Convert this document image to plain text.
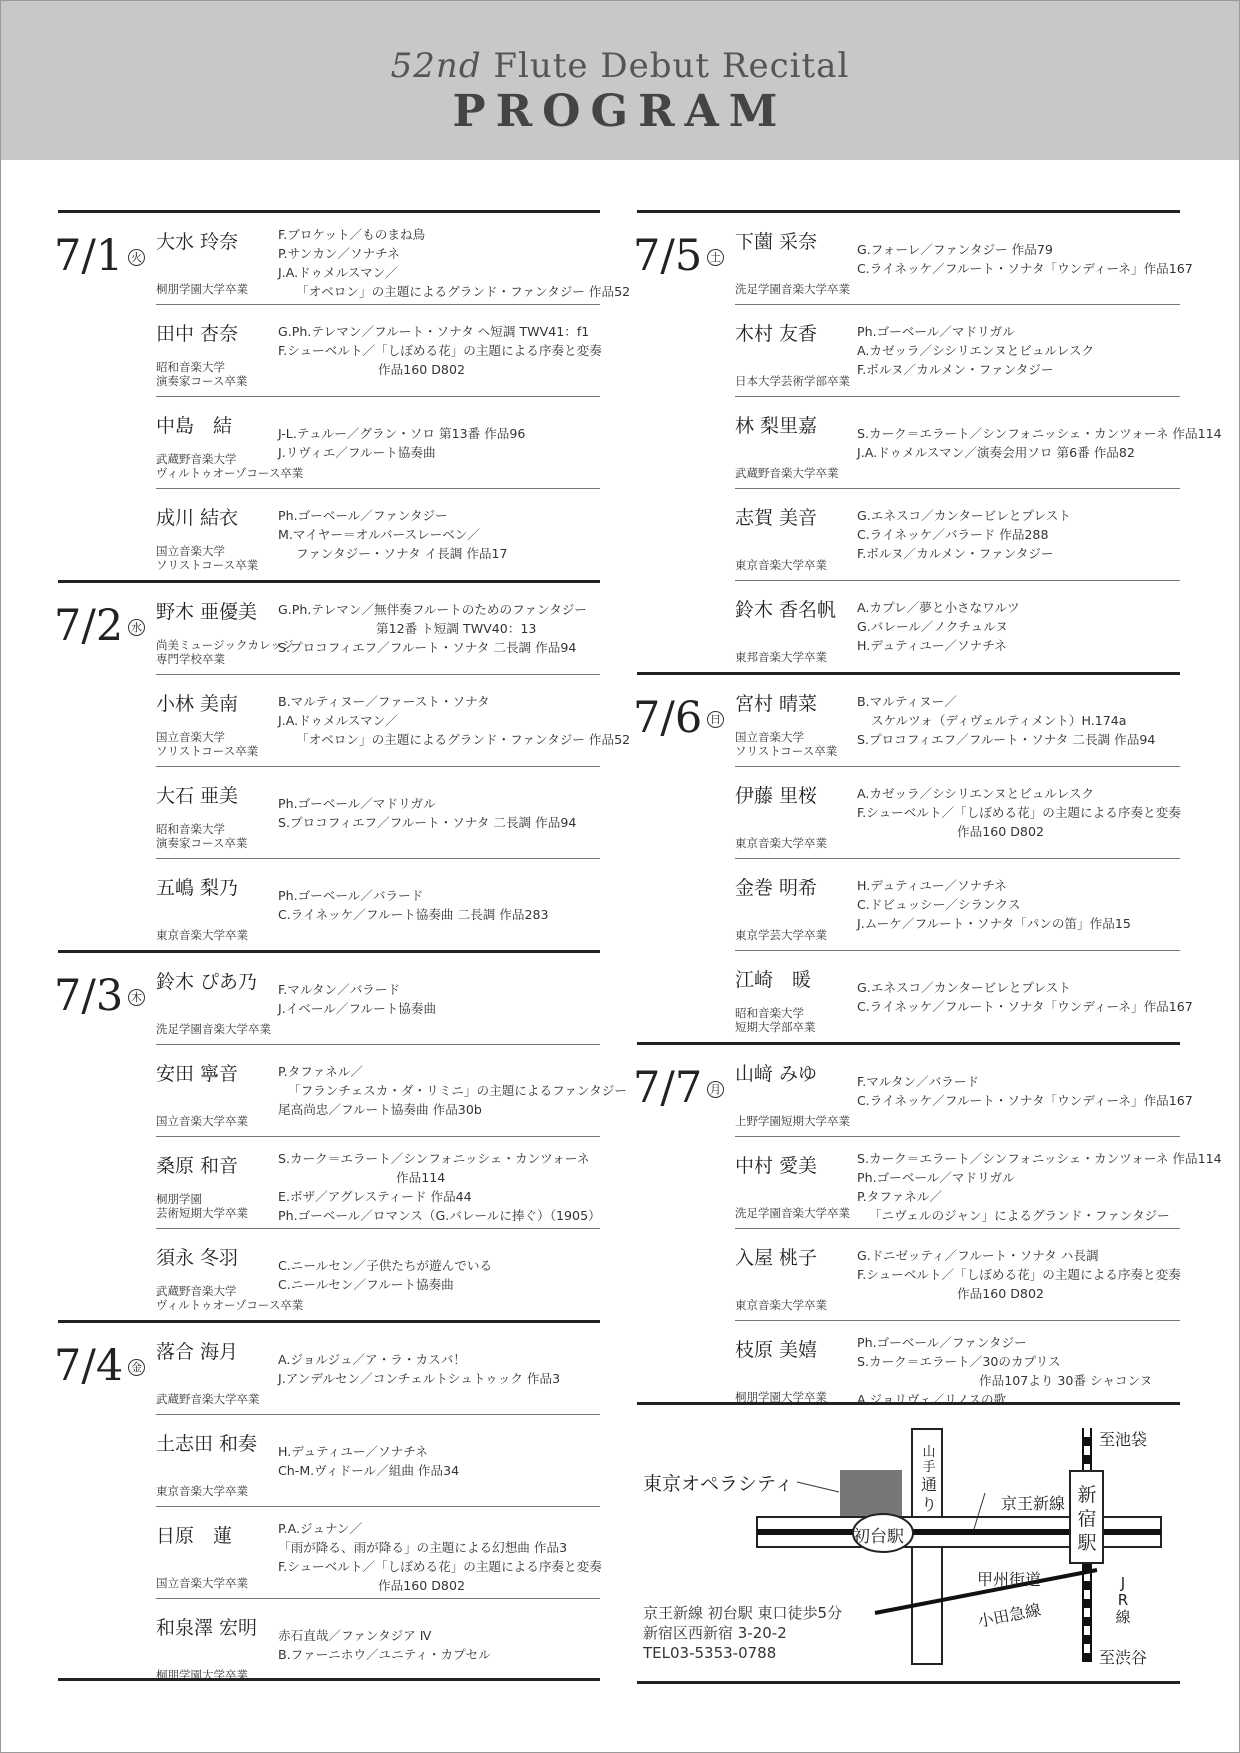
52nd Flute Debut Recital
PROGRAM
7/1 火
大水 玲奈
桐朋学園大学卒業
F.ブロケット／ものまね鳥
P.サンカン／ソナチネ
J.A.ドゥメルスマン／
「オベロン」の主題によるグランド・ファンタジー 作品52
田中 杏奈
昭和音楽大学
演奏家コース卒業
G.Ph.テレマン／フルート・ソナタ ヘ短調 TWV41：f1
F.シューベルト／「しぼめる花」の主題による序奏と変奏
作品160 D802
中島　結
武蔵野音楽大学
ヴィルトゥオーゾコース卒業
J-L.テュルー／グラン・ソロ 第13番 作品96
J.リヴィエ／フルート協奏曲
成川 結衣
国立音楽大学
ソリストコース卒業
Ph.ゴーベール／ファンタジー
M.マイヤー＝オルバースレーベン／
ファンタジー・ソナタ イ長調 作品17
7/2 水
野木 亜優美
尚美ミュージックカレッジ
専門学校卒業
G.Ph.テレマン／無伴奏フルートのためのファンタジー
第12番 ト短調 TWV40：13
S.プロコフィエフ／フルート・ソナタ 二長調 作品94
小林 美南
国立音楽大学
ソリストコース卒業
B.マルティヌー／ファースト・ソナタ
J.A.ドゥメルスマン／
「オベロン」の主題によるグランド・ファンタジー 作品52
大石 亜美
昭和音楽大学
演奏家コース卒業
Ph.ゴーベール／マドリガル
S.プロコフィエフ／フルート・ソナタ 二長調 作品94
五嶋 梨乃
東京音楽大学卒業
Ph.ゴーベール／バラード
C.ライネッケ／フルート協奏曲 二長調 作品283
7/3 木
鈴木 ぴあ乃
洗足学園音楽大学卒業
F.マルタン／バラード
J.イベール／フルート協奏曲
安田 寧音
国立音楽大学卒業
P.タファネル／
「フランチェスカ・ダ・リミニ」の主題によるファンタジー
尾高尚忠／フルート協奏曲 作品30b
桑原 和音
桐朋学園
芸術短期大学卒業
S.カーク＝エラート／シンフォニッシェ・カンツォーネ
作品114
E.ボザ／アグレスティード 作品44
Ph.ゴーベール／ロマンス（G.バレールに捧ぐ）（1905）
須永 冬羽
武蔵野音楽大学
ヴィルトゥオーゾコース卒業
C.ニールセン／子供たちが遊んでいる
C.ニールセン／フルート協奏曲
7/4 金
落合 海月
武蔵野音楽大学卒業
A.ジョルジュ／ア・ラ・カスバ！
J.アンデルセン／コンチェルトシュトゥック 作品3
土志田 和奏
東京音楽大学卒業
H.デュティユー／ソナチネ
Ch-M.ヴィドール／組曲 作品34
日原　蓮
国立音楽大学卒業
P.A.ジュナン／
「雨が降る、雨が降る」の主題による幻想曲 作品3
F.シューベルト／「しぼめる花」の主題による序奏と変奏
作品160 D802
和泉澤 宏明
桐朋学園大学卒業
赤石直哉／ファンタジア Ⅳ
B.ファーニホウ／ユニティ・カプセル
7/5 土
下薗 采奈
洗足学園音楽大学卒業
G.フォーレ／ファンタジー 作品79
C.ライネッケ／フルート・ソナタ「ウンディーネ」作品167
木村 友香
日本大学芸術学部卒業
Ph.ゴーベール／マドリガル
A.カゼッラ／シシリエンヌとビュルレスク
F.ボルヌ／カルメン・ファンタジー
林 梨里嘉
武蔵野音楽大学卒業
S.カーク＝エラート／シンフォニッシェ・カンツォーネ 作品114
J.A.ドゥメルスマン／演奏会用ソロ 第6番 作品82
志賀 美音
東京音楽大学卒業
G.エネスコ／カンタービレとプレスト
C.ライネッケ／バラード 作品288
F.ボルヌ／カルメン・ファンタジー
鈴木 香名帆
東邦音楽大学卒業
A.カプレ／夢と小さなワルツ
G.バレール／ノクチュルヌ
H.デュティユー／ソナチネ
7/6 日
宮村 晴菜
国立音楽大学
ソリストコース卒業
B.マルティヌー／
スケルツォ（ディヴェルティメント）H.174a
S.プロコフィエフ／フルート・ソナタ 二長調 作品94
伊藤 里桜
東京音楽大学卒業
A.カゼッラ／シシリエンヌとビュルレスク
F.シューベルト／「しぼめる花」の主題による序奏と変奏
作品160 D802
金巻 明希
東京学芸大学卒業
H.デュティユー／ソナチネ
C.ドビュッシー／シランクス
J.ムーケ／フルート・ソナタ「パンの笛」作品15
江崎　暖
昭和音楽大学
短期大学部卒業
G.エネスコ／カンタービレとプレスト
C.ライネッケ／フルート・ソナタ「ウンディーネ」作品167
7/7 月
山﨑 みゆ
上野学園短期大学卒業
F.マルタン／バラード
C.ライネッケ／フルート・ソナタ「ウンディーネ」作品167
中村 愛美
洗足学園音楽大学卒業
S.カーク＝エラート／シンフォニッシェ・カンツォーネ 作品114
Ph.ゴーベール／マドリガル
P.タファネル／
「ニヴェルのジャン」によるグランド・ファンタジー
入屋 桃子
東京音楽大学卒業
G.ドニゼッティ／フルート・ソナタ ハ長調
F.シューベルト／「しぼめる花」の主題による序奏と変奏
作品160 D802
枝原 美嬉
桐朋学園大学卒業
Ph.ゴーベール／ファンタジー
S.カーク＝エラート／30のカプリス
作品107より 30番 シャコンヌ
A.ジョリヴェ／リノスの歌
東京オペラシティ
山手
通
り	京王新線 新
宿
駅
初台駅
甲州街道
小田急線
J
R
線
至池袋
至渋谷
京王新線 初台駅 東口徒歩5分
新宿区西新宿 3-20-2
TEL03-5353-0788
